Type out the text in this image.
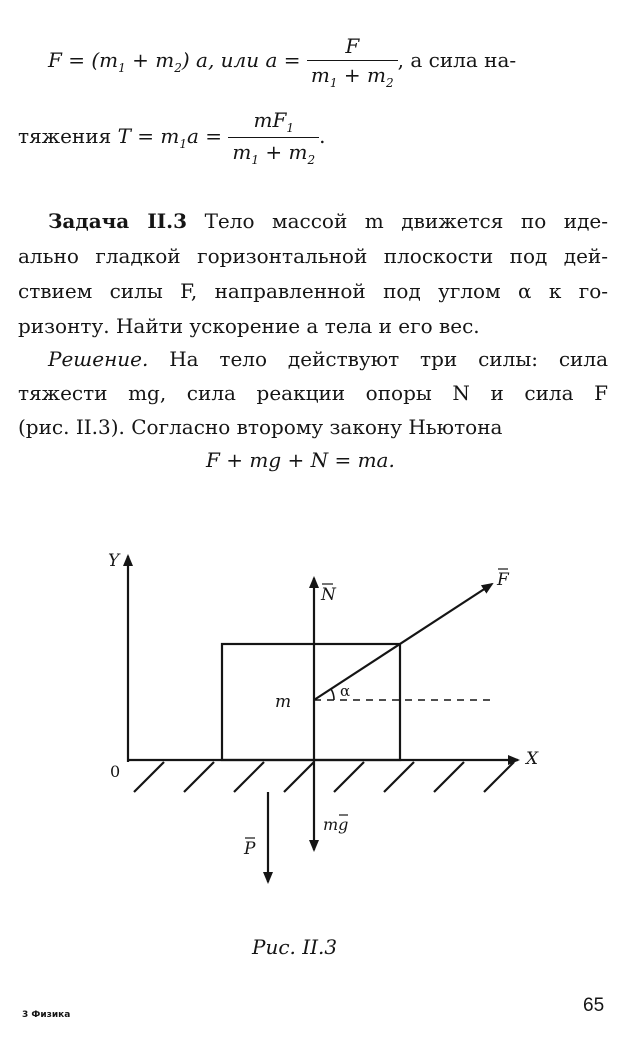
$F = (m_1 + m_2)$ a, или $a = \frac{F}{m_1 + m_2}$ , а сила на-
тяжения $T = m_1a = \frac{mF_1}{m_1 + m_2}$ .
Задача II.3 Тело массой m движется по иде-
ально гладкой горизонтальной плоскости под дей-
ствием силы F, направленной под углом α к го-
ризонту. Найти ускорение a тела и его вес.
Решение. На тело действуют три силы: сила
тяжести mg, сила реакции опоры N и сила F
(рис. II.3). Согласно второму закону Ньютона
F + mg + N = ma.
Y
X
0
m
N
F
α
mg
P
Рис. II.3
3 Физика	65
